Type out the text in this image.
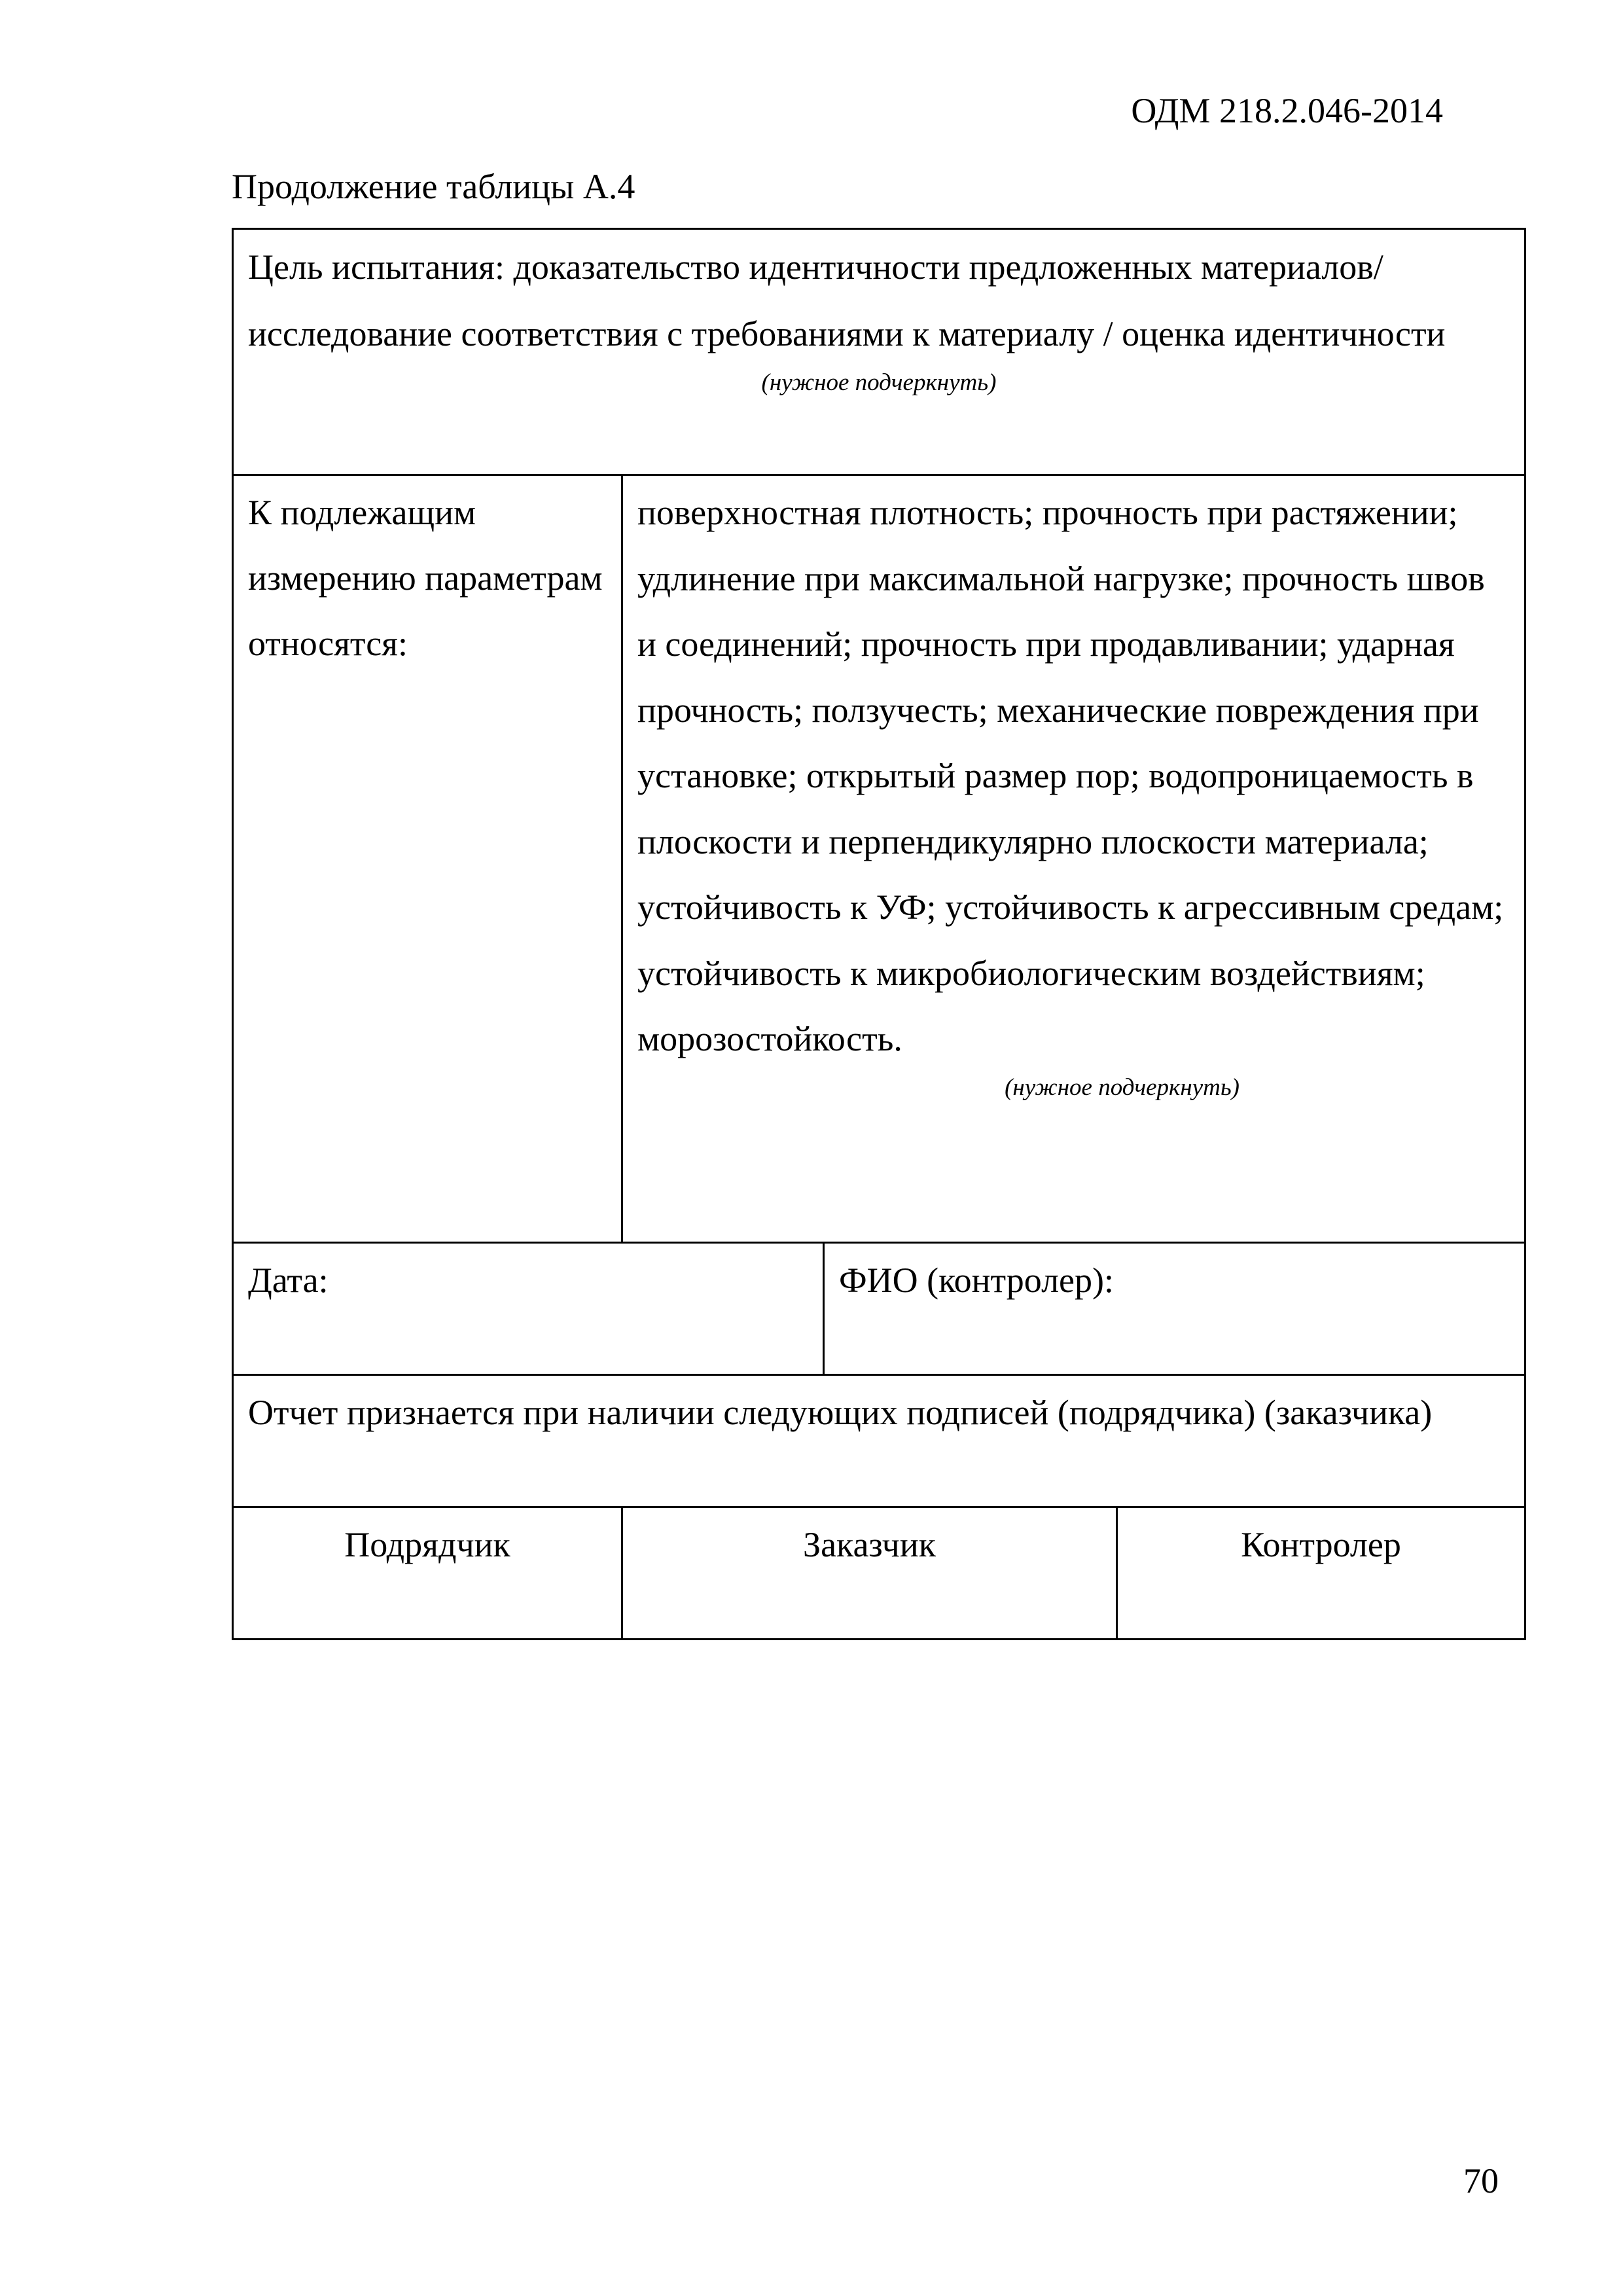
ОДМ 218.2.046-2014
Продолжение таблицы А.4
Цель испытания: доказательство идентичности предложенных материалов/ исследование соответствия с требованиями к материалу / оценка идентичности
(нужное подчеркнуть)			

К подлежащим измерению параметрам относятся:	поверхностная плотность; прочность при растяжении; удлинение при максимальной нагрузке; прочность швов и соединений; прочность при продавливании; ударная прочность; ползучесть; механические повреждения при установке; открытый размер пор; водопроницаемость в плоскости и перпендикулярно плоскости материала; устойчивость к УФ; устойчивость к агрессивным средам; устойчивость к микробиологическим воздействиям; морозостойкость.
(нужное подчеркнуть)		

Дата:		ФИО (контролер):	

Отчет признается при наличии следующих подписей (подрядчика) (заказчика)			

Подрядчик	Заказчик		Контролер
70
